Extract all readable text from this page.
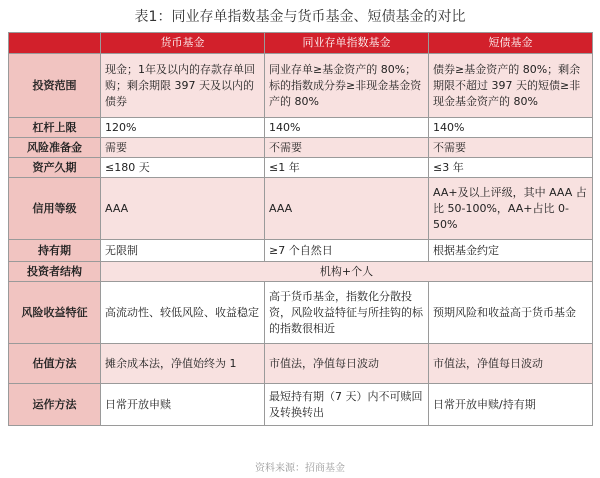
表1：同业存单指数基金与货币基金、短债基金的对比
	货币基金	同业存单指数基金	短债基金
投资范围	现金；1年及以内的存款存单回购；剩余期限 397 天及以内的债券	同业存单≥基金资产的 80%；标的指数成分券≥非现金基金资产的 80%	债券≥基金资产的 80%；剩余期限不超过 397 天的短债≥非现金基金资产的 80%
杠杆上限	120%	140%	140%
风险准备金	需要	不需要	不需要
资产久期	≤180 天	≤1 年	≤3 年
信用等级	AAA	AAA	AA+及以上评级，其中 AAA 占比 50-100%，AA+占比 0-50%
持有期	无限制	≥7 个自然日	根据基金约定
投资者结构	机构+个人		
风险收益特征	高流动性、较低风险、收益稳定	高于货币基金，指数化分散投资，风险收益特征与所挂钩的标的指数很相近	预期风险和收益高于货币基金
估值方法	摊余成本法，净值始终为 1	市值法，净值每日波动	市值法，净值每日波动
运作方法	日常开放申赎	最短持有期（7 天）内不可赎回及转换转出	日常开放申赎/持有期
资料来源：招商基金
